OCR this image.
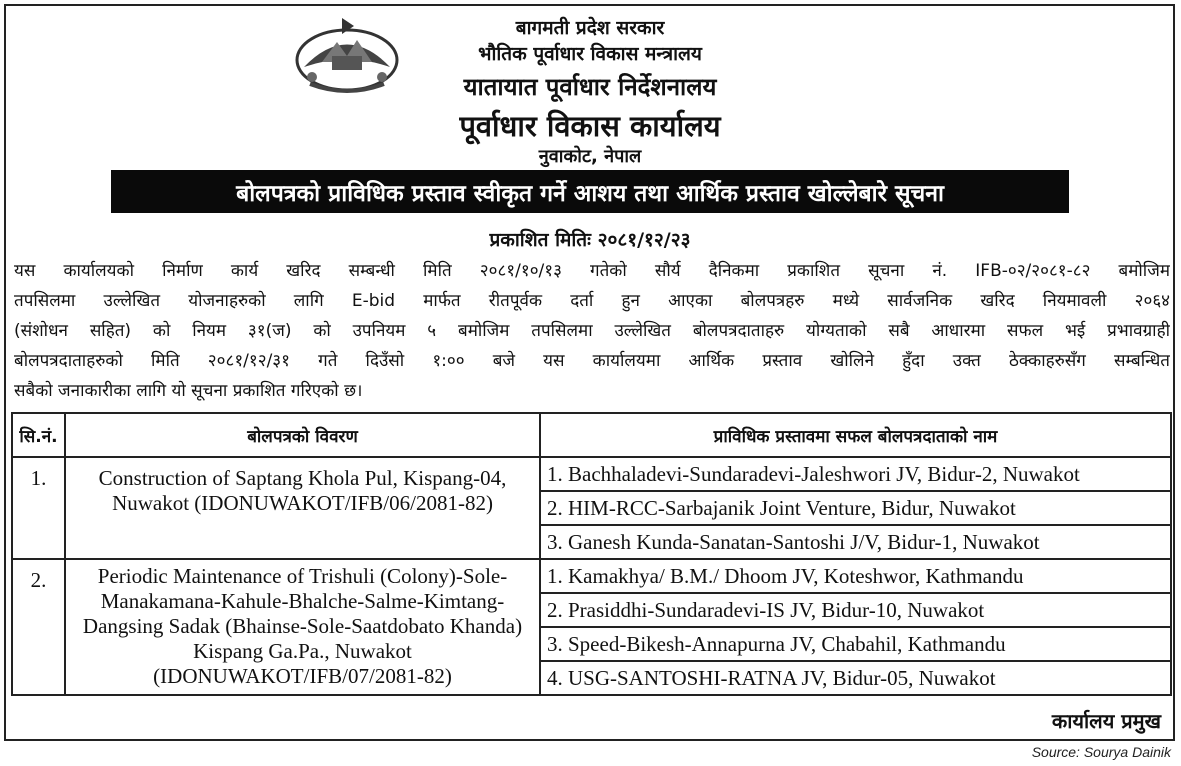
बागमती प्रदेश सरकार
भौतिक पूर्वाधार विकास मन्त्रालय
यातायात पूर्वाधार निर्देशनालय
पूर्वाधार विकास कार्यालय
नुवाकोट, नेपाल
बोलपत्रको प्राविधिक प्रस्ताव स्वीकृत गर्ने आशय तथा आर्थिक प्रस्ताव खोल्लेबारे सूचना
प्रकाशित मितिः २०८१/१२/२३
यस कार्यालयको निर्माण कार्य खरिद सम्बन्धी मिति २०८१/१०/१३ गतेको सौर्य दैनिकमा प्रकाशित सूचना नं. IFB-०२/२०८१-८२ बमोजिम
तपसिलमा उल्लेखित योजनाहरुको लागि E-bid मार्फत रीतपूर्वक दर्ता हुन आएका बोलपत्रहरु मध्ये सार्वजनिक खरिद नियमावली २०६४
(संशोधन सहित) को नियम ३१(ज) को उपनियम ५ बमोजिम तपसिलमा उल्लेखित बोलपत्रदाताहरु योग्यताको सबै आधारमा सफल भई प्रभावग्राही
बोलपत्रदाताहरुको मिति २०८१/१२/३१ गते दिउँसो १:०० बजे यस कार्यालयमा आर्थिक प्रस्ताव खोलिने हुँदा उक्त ठेक्काहरुसँग सम्बन्धित
सबैको जनाकारीका लागि यो सूचना प्रकाशित गरिएको छ।
सि.नं.	बोलपत्रको विवरण	प्राविधिक प्रस्तावमा सफल बोलपत्रदाताको नाम
1.	Construction of Saptang Khola Pul, Kispang-04, Nuwakot (IDONUWAKOT/IFB/06/2081-82)	1. Bachhaladevi-Sundaradevi-Jaleshwori JV, Bidur-2, Nuwakot
		2. HIM-RCC-Sarbajanik Joint Venture, Bidur, Nuwakot
		3. Ganesh Kunda-Sanatan-Santoshi J/V, Bidur-1, Nuwakot
2.	Periodic Maintenance of Trishuli (Colony)-Sole-Manakamana-Kahule-Bhalche-Salme-Kimtang-Dangsing Sadak (Bhainse-Sole-Saatdobato Khanda) Kispang Ga.Pa., Nuwakot (IDONUWAKOT/IFB/07/2081-82)	1. Kamakhya/ B.M./ Dhoom JV, Koteshwor, Kathmandu
		2. Prasiddhi-Sundaradevi-IS JV, Bidur-10, Nuwakot
		3. Speed-Bikesh-Annapurna JV, Chabahil, Kathmandu
		4. USG-SANTOSHI-RATNA JV, Bidur-05, Nuwakot
कार्यालय प्रमुख
Source: Sourya Dainik
